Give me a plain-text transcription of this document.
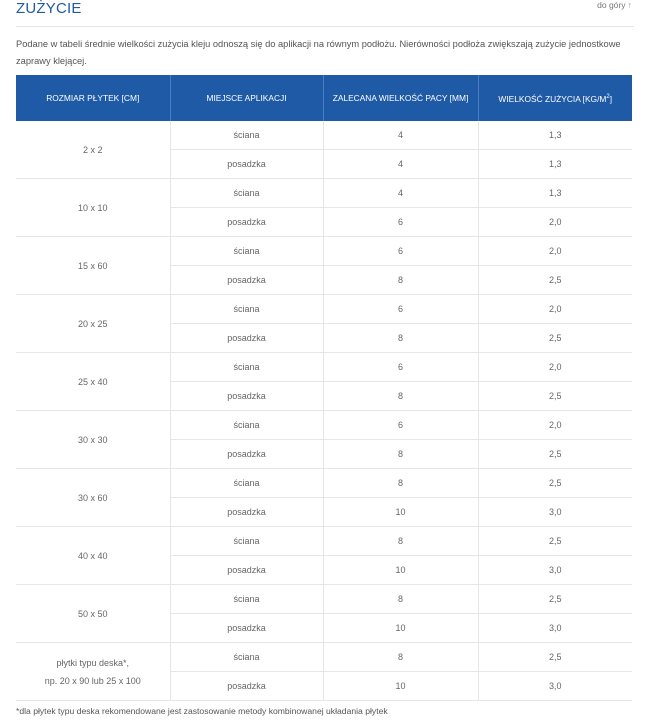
ZUŻYCIE	do góry ↑
Podane w tabeli średnie wielkości zużycia kleju odnoszą się do aplikacji na równym podłożu. Nierówności podłoża zwiększają zużycie jednostkowe zaprawy klejącej.
ROZMIAR PŁYTEK [CM]	MIEJSCE APLIKACJI	ZALECANA WIELKOŚĆ PACY [MM]	WIELKOŚĆ ZUŻYCIA $[KG/M^2]$
2 x 2	ściana	4	1,3
	posadzka	4	1,3
10 x 10	ściana	4	1,3
	posadzka	6	2,0
15 x 60	ściana	6	2,0
	posadzka	8	2,5
20 x 25	ściana	6	2,0
	posadzka	8	2,5
25 x 40	ściana	6	2,0
	posadzka	8	2,5
30 x 30	ściana	6	2,0
	posadzka	8	2,5
30 x 60	ściana	8	2,5
	posadzka	10	3,0
40 x 40	ściana	8	2,5
	posadzka	10	3,0
50 x 50	ściana	8	2,5
	posadzka	10	3,0
płytki typu deska*,
np. 20 x 90 lub 25 x 100	ściana	8	2,5
	posadzka	10	3,0
*dla płytek typu deska rekomendowane jest zastosowanie metody kombinowanej układania płytek
